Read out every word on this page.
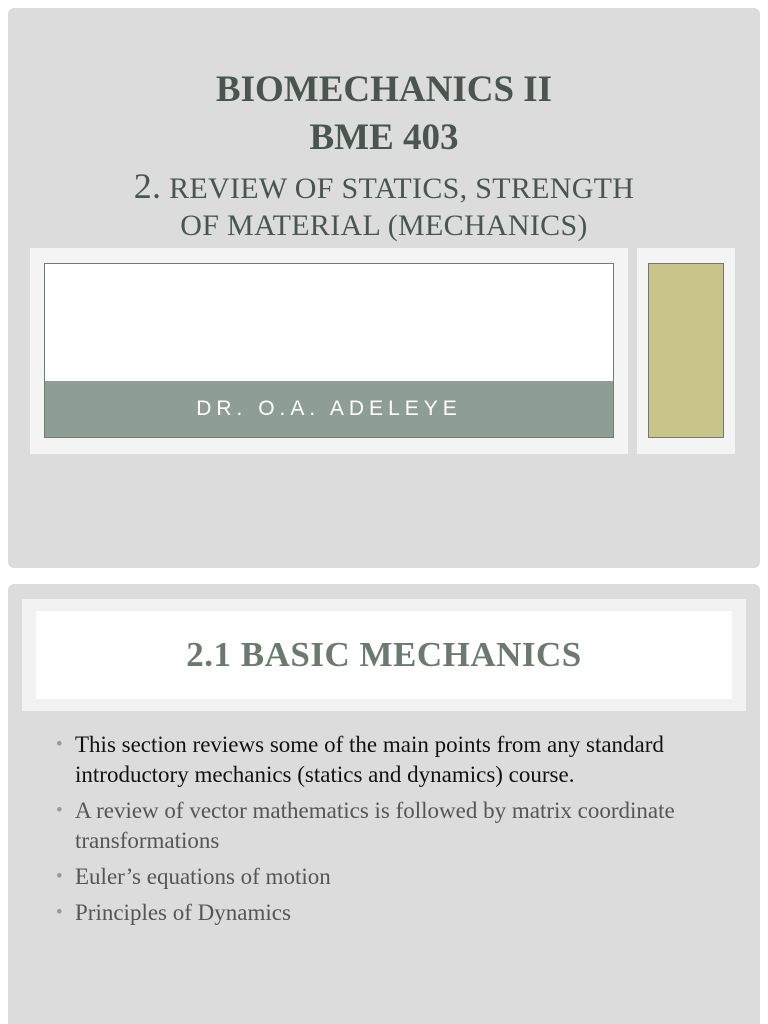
BIOMECHANICS II
BME 403
2. REVIEW OF STATICS, STRENGTH
OF MATERIAL (MECHANICS)
DR. O.A. ADELEYE
2.1 BASIC MECHANICS
• This section reviews some of the main points from any standard introductory mechanics (statics and dynamics) course.
• A review of vector mathematics is followed by matrix coordinate transformations
• Euler’s equations of motion
• Principles of Dynamics
